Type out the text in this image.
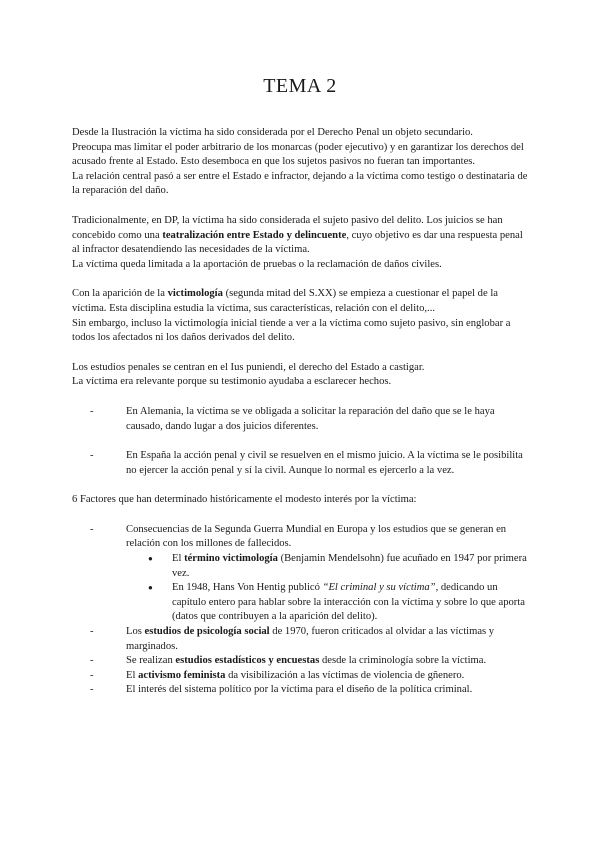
TEMA 2

Desde la Ilustración la víctima ha sido considerada por el Derecho Penal un objeto secundario.

Preocupa mas limitar el poder arbitrario de los monarcas (poder ejecutivo) y en garantizar los derechos del acusado frente al Estado. Esto desemboca en que los sujetos pasivos no fueran tan importantes.

La relación central pasó a ser entre el Estado e infractor, dejando a la víctima como testigo o destinataria de la reparación del daño.

Tradicionalmente, en DP, la víctima ha sido considerada el sujeto pasivo del delito. Los juicios se han concebido como una teatralización entre Estado y delincuente, cuyo objetivo es dar una respuesta penal al infractor desatendiendo las necesidades de la víctima.

La víctima queda limitada a la aportación de pruebas o la reclamación de daños civiles.

Con la aparición de la victimología (segunda mitad del S.XX) se empieza a cuestionar el papel de la víctima. Esta disciplina estudia la víctima, sus características, relación con el delito,...

Sin embargo, incluso la victimología inicial tiende a ver a la víctima como sujeto pasivo, sin englobar a todos los afectados ni los daños derivados del delito.

Los estudios penales se centran en el Ius puniendi, el derecho del Estado a castigar.

La víctima era relevante porque su testimonio ayudaba a esclarecer hechos.

- En Alemania, la víctima se ve obligada a solicitar la reparación del daño que se le haya causado, dando lugar a dos juicios diferentes.
- En España la acción penal y civil se resuelven en el mismo juicio. A la víctima se le posibilita no ejercer la acción penal y sí la civil. Aunque lo normal es ejercerlo a la vez.

6 Factores que han determinado históricamente el modesto interés por la víctima:

- Consecuencias de la Segunda Guerra Mundial en Europa y los estudios que se generan en relación con los millones de fallecidos.
● El término victimología (Benjamin Mendelsohn) fue acuñado en 1947 por primera vez.
● En 1948, Hans Von Hentig publicó “El criminal y su víctima”, dedicando un capítulo entero para hablar sobre la interacción con la víctima y sobre lo que aporta (datos que contribuyen a la aparición del delito).
- Los estudios de psicología social de 1970, fueron criticados al olvidar a las víctimas y marginados.
- Se realizan estudios estadísticos y encuestas desde la criminología sobre la víctima.
- El activismo feminista da visibilización a las víctimas de violencia de gñenero.
- El interés del sistema político por la víctima para el diseño de la política criminal.
